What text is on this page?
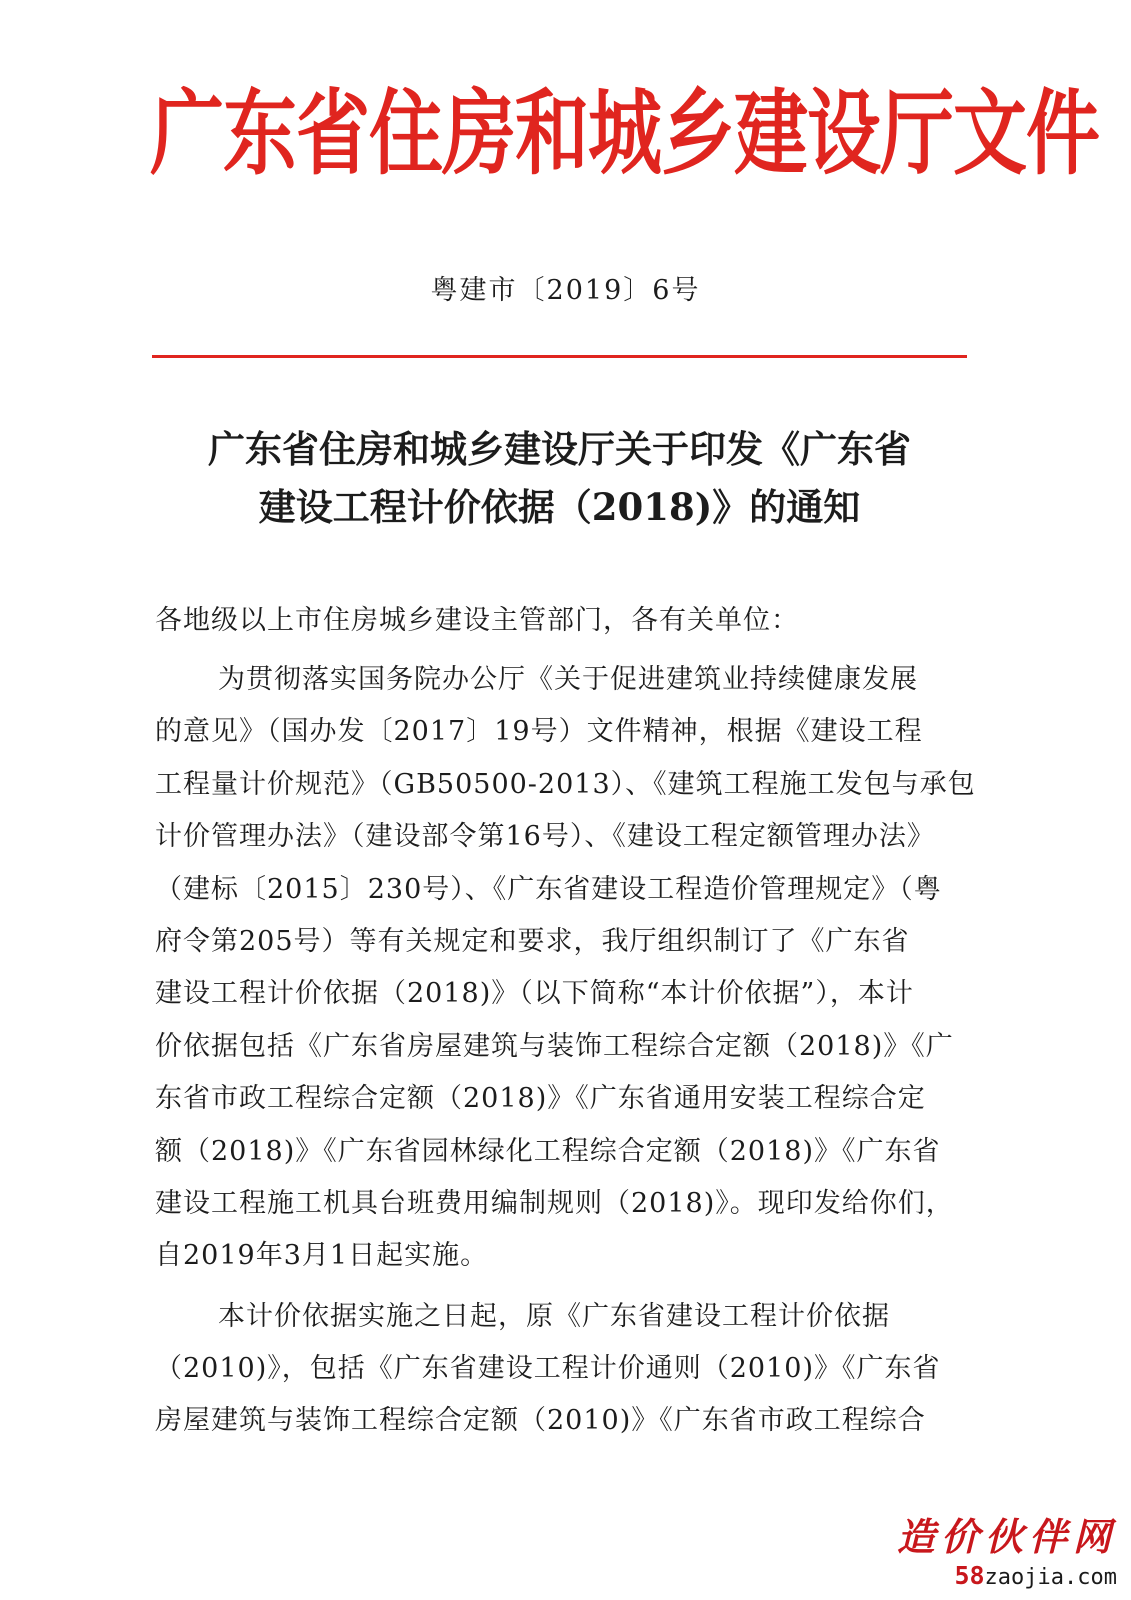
广东省住房和城乡建设厅文件
粤建市〔2019〕6号
广东省住房和城乡建设厅关于印发《广东省
建设工程计价依据（2018)》的通知
各地级以上市住房城乡建设主管部门，各有关单位：
为贯彻落实国务院办公厅《关于促进建筑业持续健康发展
的意见》（国办发〔2017〕19号）文件精神，根据《建设工程
工程量计价规范》（GB50500-2013）、《建筑工程施工发包与承包
计价管理办法》（建设部令第16号）、《建设工程定额管理办法》
（建标〔2015〕230号）、《广东省建设工程造价管理规定》（粤
府令第205号）等有关规定和要求，我厅组织制订了《广东省
建设工程计价依据（2018)》（以下简称“本计价依据”），本计
价依据包括《广东省房屋建筑与装饰工程综合定额（2018)》《广
东省市政工程综合定额（2018)》《广东省通用安装工程综合定
额（2018)》《广东省园林绿化工程综合定额（2018)》《广东省
建设工程施工机具台班费用编制规则（2018)》。现印发给你们，
自2019年3月1日起实施。
本计价依据实施之日起，原《广东省建设工程计价依据
（2010)》，包括《广东省建设工程计价通则（2010)》《广东省
房屋建筑与装饰工程综合定额（2010)》《广东省市政工程综合
造价伙伴网
58zaojia.com
